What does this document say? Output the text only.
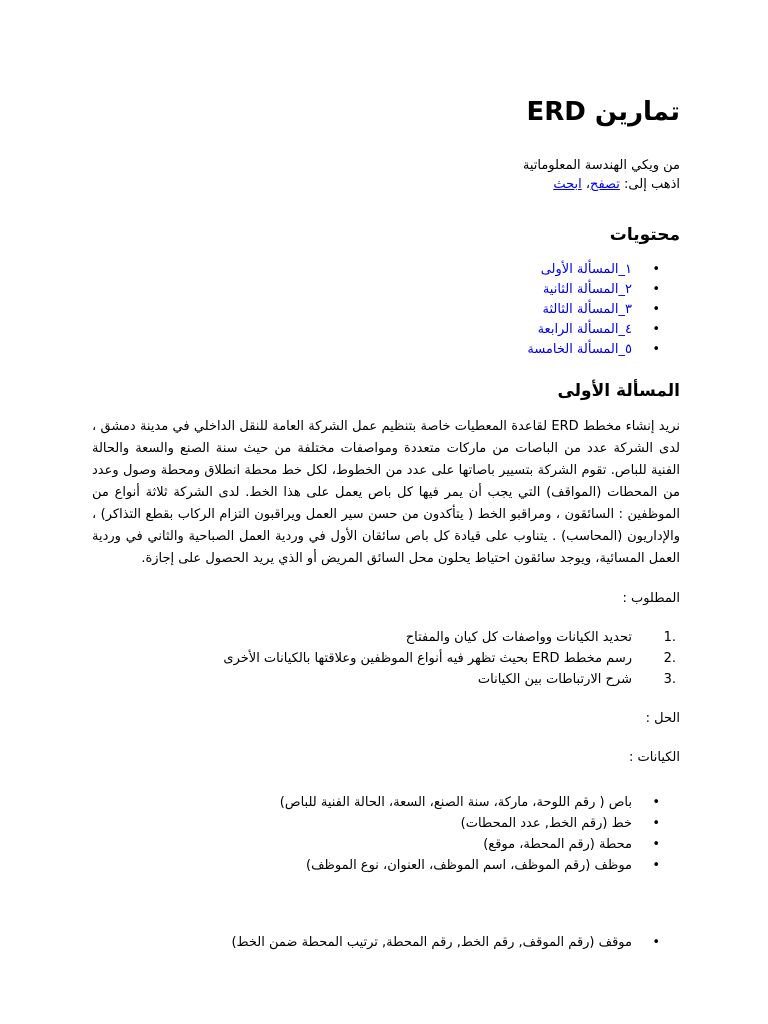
تمارين ERD

من ويكي الهندسة المعلوماتية

اذهب إلى: تصفح، ابحث

محتويات
• ١_المسألة الأولى
• ٢_المسألة الثانية
• ٣_المسألة الثالثة
• ٤_المسألة الرابعة
• ٥_المسألة الخامسة
المسألة الأولى

نريد إنشاء مخطط ERD لقاعدة المعطيات خاصة بتنظيم عمل الشركة العامة للنقل الداخلي في مدينة دمشق ، لدى الشركة عدد من الباصات من ماركات متعددة ومواصفات مختلفة من حيث سنة الصنع والسعة والحالة الفنية للباص. تقوم الشركة بتسيير باصاتها على عدد من الخطوط، لكل خط محطة انطلاق ومحطة وصول وعدد من المحطات (المواقف) التي يجب أن يمر فيها كل باص يعمل على هذا الخط. لدى الشركة ثلاثة أنواع من الموظفين : السائقون ، ومراقبو الخط ( يتأكدون من حسن سير العمل ويراقبون التزام الركاب بقطع التذاكر) ، والإداريون (المحاسب) . يتناوب على قيادة كل باص سائقان الأول في وردية العمل الصباحية والثاني في وردية العمل المسائية، ويوجد سائقون احتياط يحلون محل السائق المريض أو الذي يريد الحصول على إجازة.

المطلوب :

1.
تحديد الكيانات وواصفات كل كيان والمفتاح
2.
رسم مخطط ERD بحيث تظهر فيه أنواع الموظفين وعلاقتها بالكيانات الأخرى
3.
شرح الارتباطات بين الكيانات

الحل :

الكيانات :

• باص ( رقم اللوحة، ماركة، سنة الصنع، السعة، الحالة الفنية للباص)
• خط (رقم الخط, عدد المحطات)
• محطة (رقم المحطة، موقع)
• موظف (رقم الموظف، اسم الموظف، العنوان، نوع الموظف)
• موقف (رقم الموقف, رقم الخط, رقم المحطة, ترتيب المحطة ضمن الخط)
